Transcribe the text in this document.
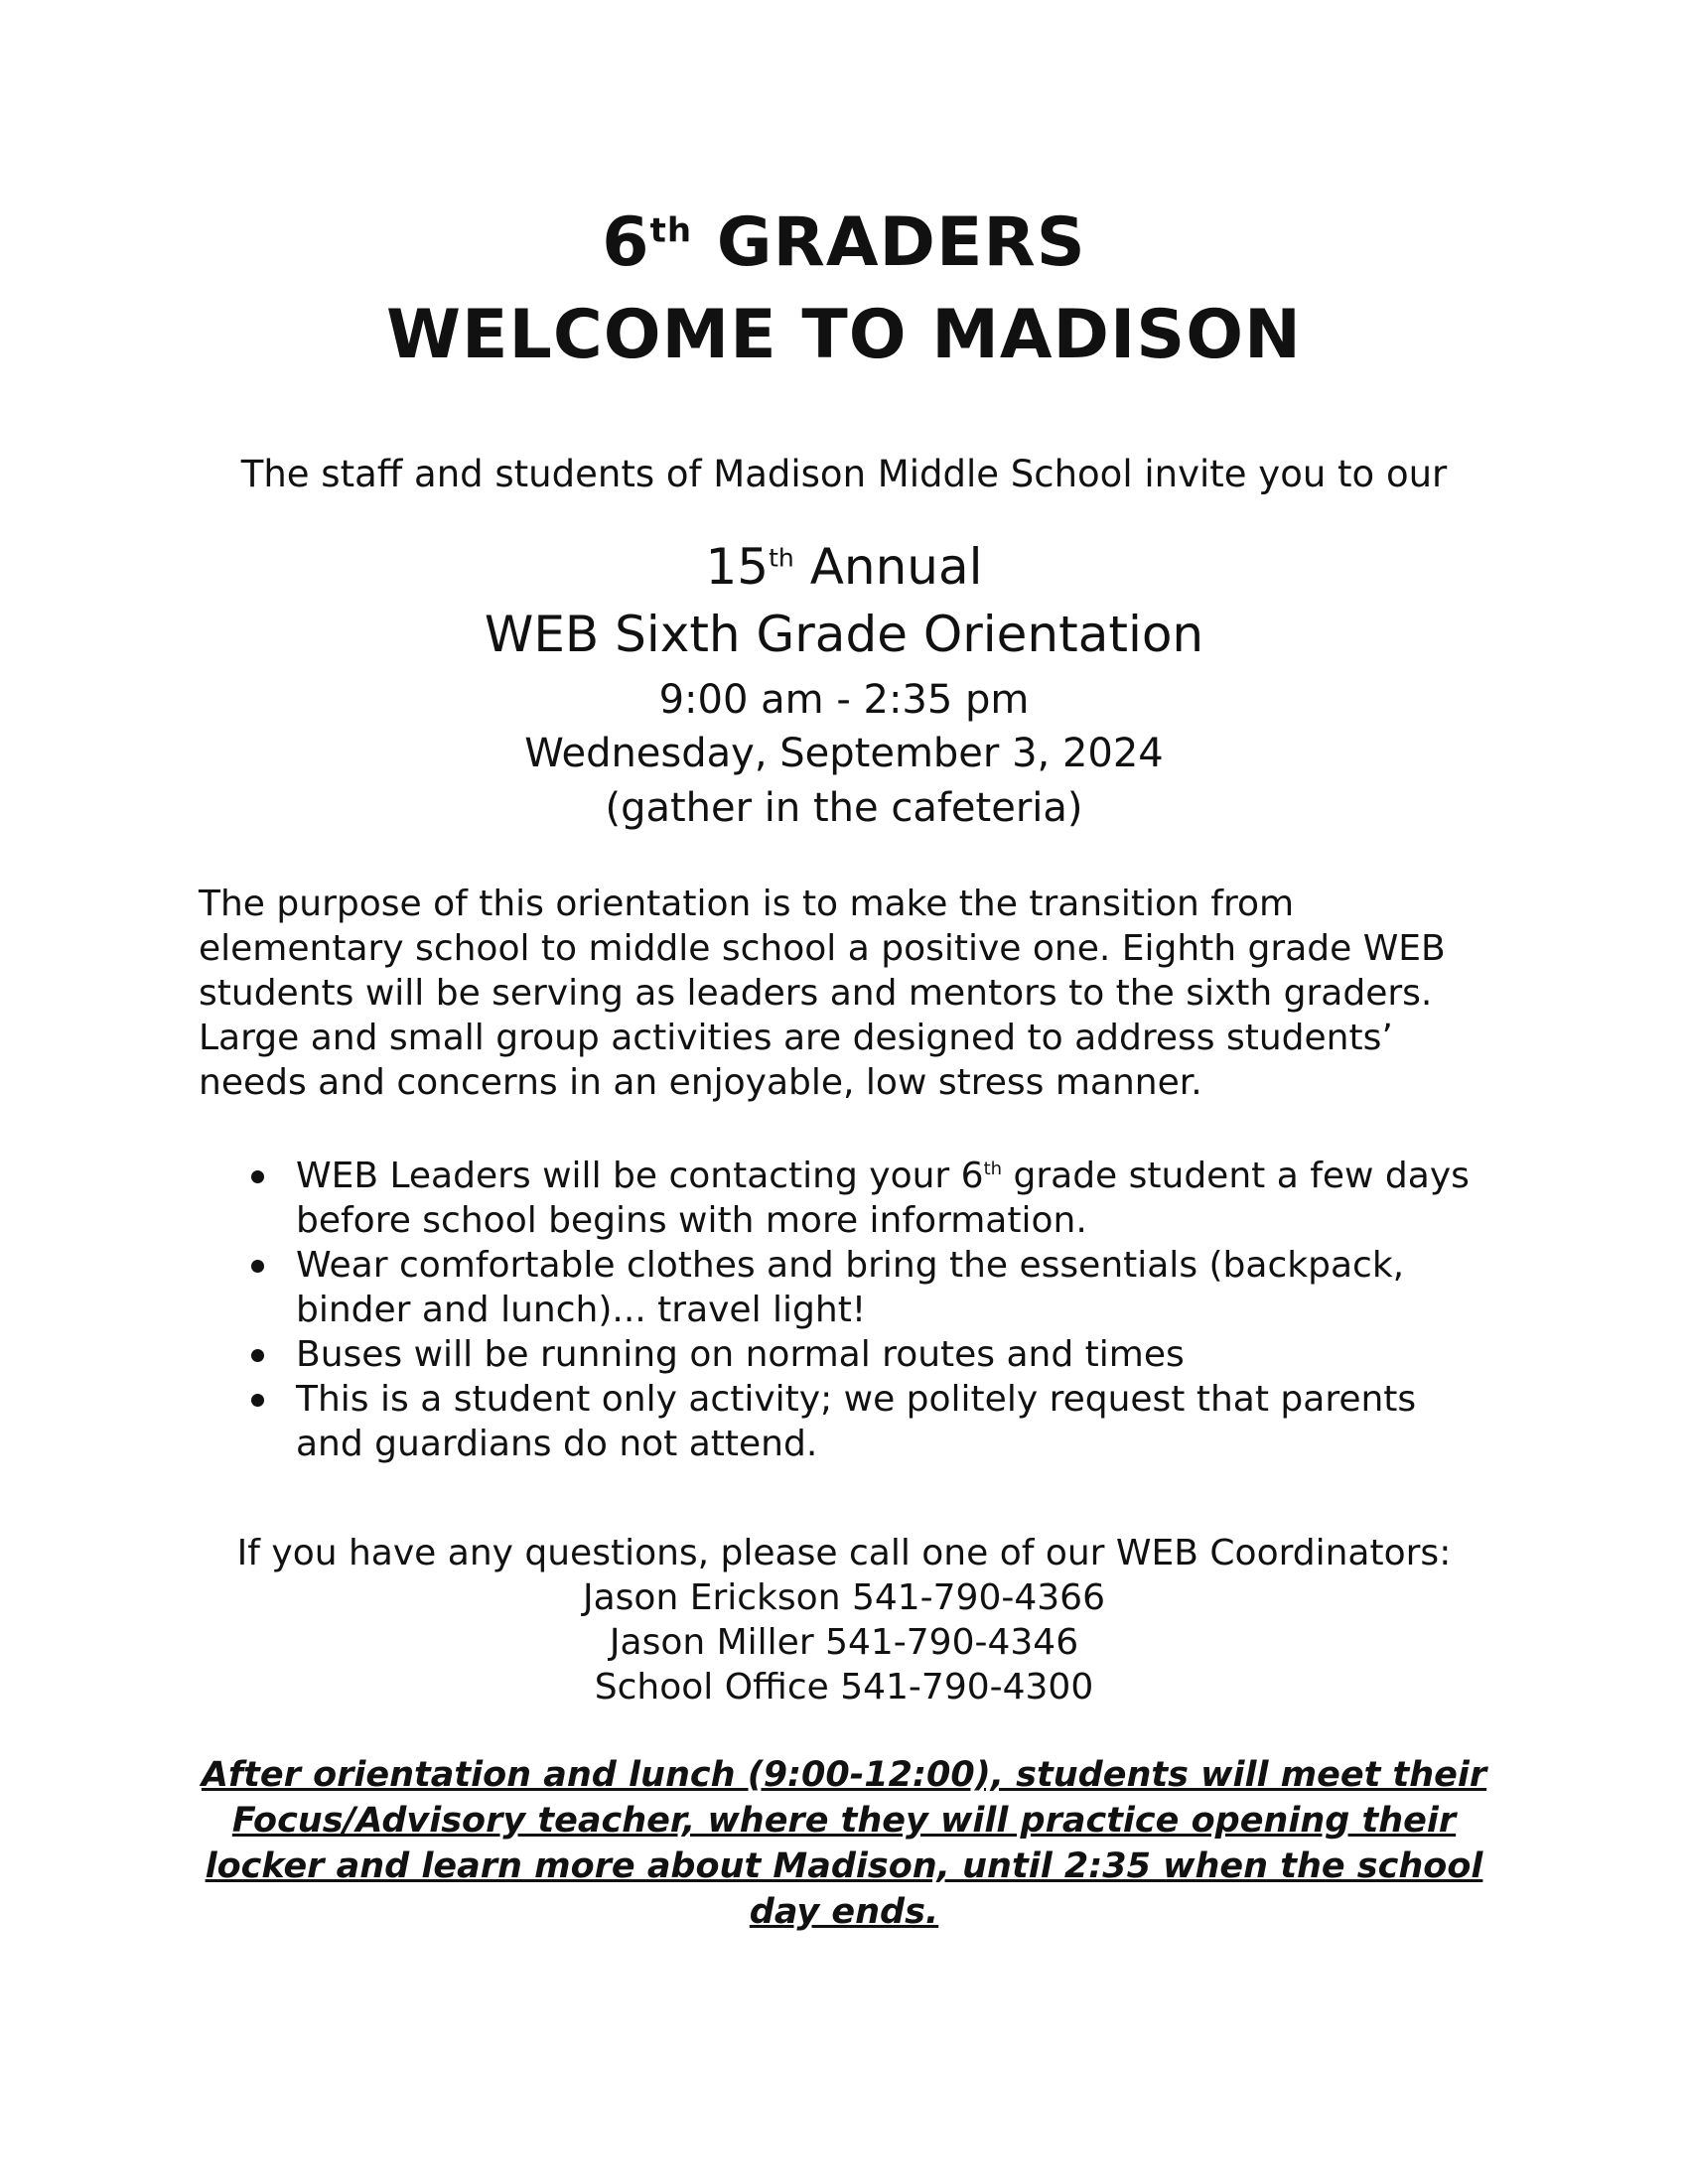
6th GRADERS
WELCOME TO MADISON

The staff and students of Madison Middle School invite you to our

15th Annual

WEB Sixth Grade Orientation

9:00 am - 2:35 pm

Wednesday, September 3, 2024

(gather in the cafeteria)

The purpose of this orientation is to make the transition from elementary school to middle school a positive one. Eighth grade WEB students will be serving as leaders and mentors to the sixth graders. Large and small group activities are designed to address students’ needs and concerns in an enjoyable, low stress manner.

WEB Leaders will be contacting your 6th grade student a few days before school begins with more information.
Wear comfortable clothes and bring the essentials (backpack, binder and lunch)... travel light!
Buses will be running on normal routes and times
This is a student only activity; we politely request that parents and guardians do not attend.

If you have any questions, please call one of our WEB Coordinators:

Jason Erickson 541-790-4366

Jason Miller 541-790-4346

School Office 541-790-4300

After orientation and lunch (9:00-12:00), students will meet their Focus/Advisory teacher, where they will practice opening their locker and learn more about Madison, until 2:35 when the school day ends.
